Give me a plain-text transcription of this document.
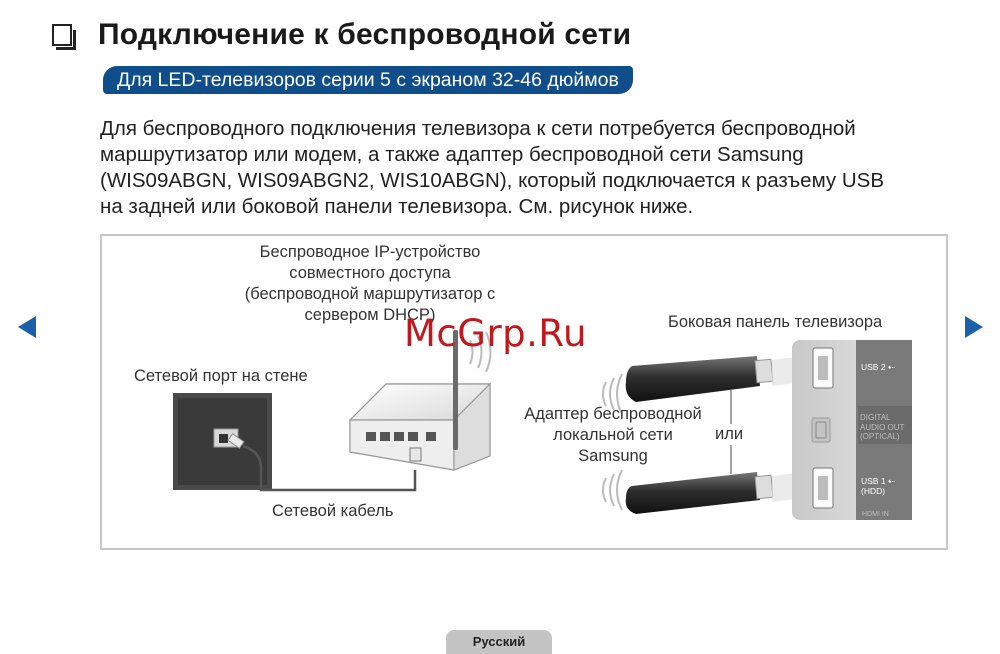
Подключение к беспроводной сети
Для LED-телевизоров серии 5 с экраном 32-46 дюймов

Для беспроводного подключения телевизора к сети потребуется беспроводной
маршрутизатор или модем, а также адаптер беспроводной сети Samsung
(WIS09ABGN, WIS09ABGN2, WIS10ABGN), который подключается к разъему USB
на задней или боковой панели телевизора. См. рисунок ниже.

USB 2 ⇠
DIGITAL
AUDIO OUT
(OPTICAL)
USB 1 ⇠
(HDD)
HDMI IN
Беспроводное IP-устройство
совместного доступа
(беспроводной маршрутизатор с
сервером DHCP)
Сетевой порт на стене
Сетевой кабель
Адаптер беспроводной
локальной сети
Samsung
или
Боковая панель телевизора
McGrp.Ru
Русский
